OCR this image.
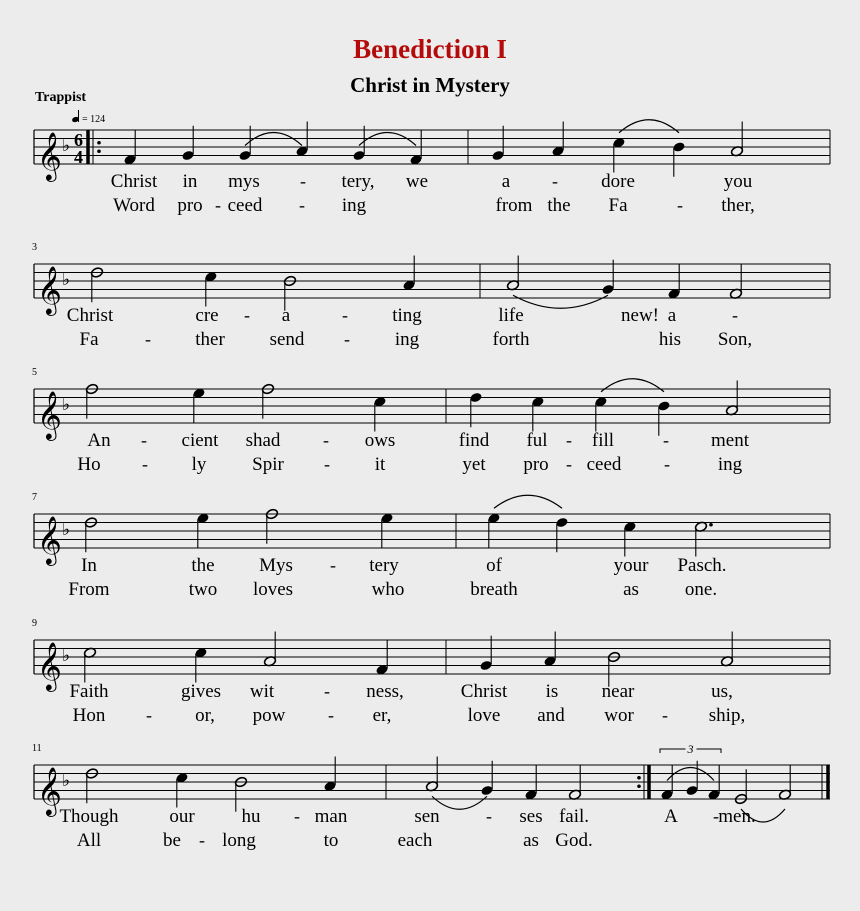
Benediction I
Christ in Mystery
Trappist
= 124
𝄞 ♭ 6
4
𝄞 ♭
𝄞 ♭
𝄞 ♭
𝄞 ♭
𝄞 ♭
3
Christ in mys - tery, we	a - dore	you
Word pro - ceed - ing	from the Fa	- ther,
3
Christ	cre - a	- ting	life	a	-
new!
Fa	- ther send - ing	forth	his Son,
5
An - cient shad - ows	find ful - fill	- ment
Ho - ly Spir - it	yet pro - ceed -	ing
7
In	the Mys - tery	of	your Pasch.
From	two loves	who	breath	as one.
9
Faith	gives wit	- ness,	Christ is near	us,
Hon - or, pow - er,	love and wor - ship,
11
Though	our hu - man	sen	- ses fail.	A - men.
All	be - long	to	each	as God.
